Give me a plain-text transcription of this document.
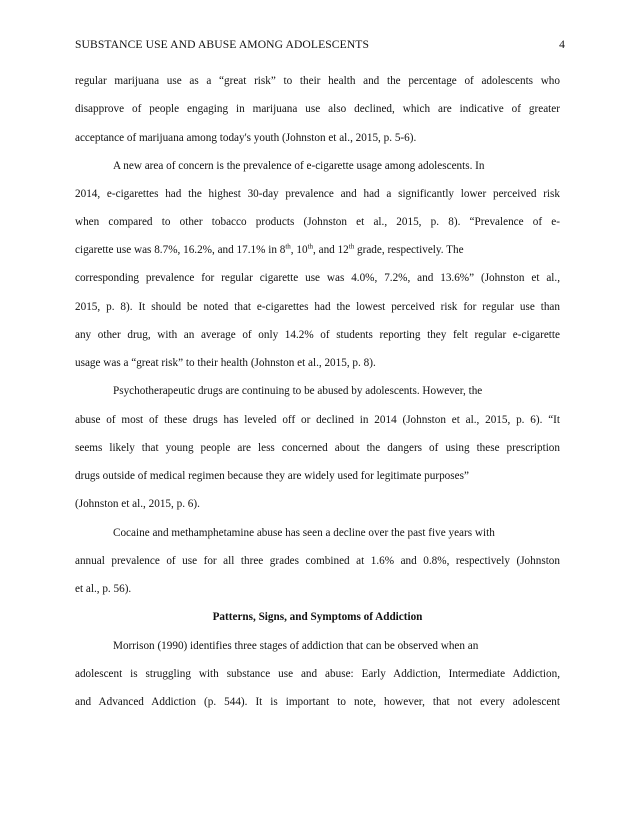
SUBSTANCE USE AND ABUSE AMONG ADOLESCENTS	4
regular marijuana use as a “great risk” to their health and the percentage of adolescents who
disapprove of people engaging in marijuana use also declined, which are indicative of greater
acceptance of marijuana among today's youth (Johnston et al., 2015, p. 5-6).
A new area of concern is the prevalence of e-cigarette usage among adolescents. In
2014, e-cigarettes had the highest 30-day prevalence and had a significantly lower perceived risk
when compared to other tobacco products (Johnston et al., 2015, p. 8). “Prevalence of e-
cigarette use was 8.7%, 16.2%, and 17.1% in 8th, 10th, and 12th grade, respectively. The
corresponding prevalence for regular cigarette use was 4.0%, 7.2%, and 13.6%” (Johnston et al.,
2015, p. 8). It should be noted that e-cigarettes had the lowest perceived risk for regular use than
any other drug, with an average of only 14.2% of students reporting they felt regular e-cigarette
usage was a “great risk” to their health (Johnston et al., 2015, p. 8).
Psychotherapeutic drugs are continuing to be abused by adolescents. However, the
abuse of most of these drugs has leveled off or declined in 2014 (Johnston et al., 2015, p. 6). “It
seems likely that young people are less concerned about the dangers of using these prescription
drugs outside of medical regimen because they are widely used for legitimate purposes”
(Johnston et al., 2015, p. 6).
Cocaine and methamphetamine abuse has seen a decline over the past five years with
annual prevalence of use for all three grades combined at 1.6% and 0.8%, respectively (Johnston
et al., p. 56).
Patterns, Signs, and Symptoms of Addiction
Morrison (1990) identifies three stages of addiction that can be observed when an
adolescent is struggling with substance use and abuse: Early Addiction, Intermediate Addiction,
and Advanced Addiction (p. 544). It is important to note, however, that not every adolescent
